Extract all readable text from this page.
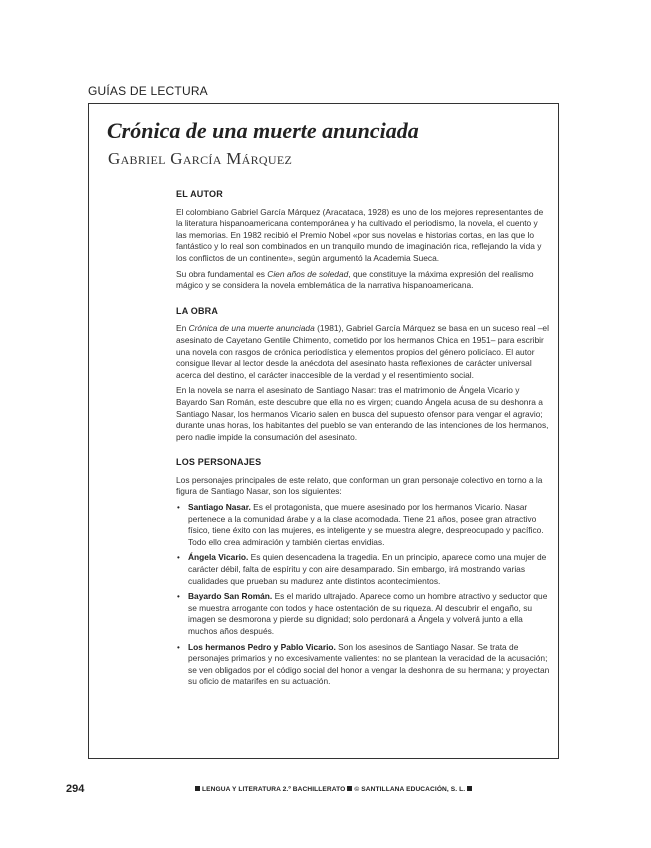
GUÍAS DE LECTURA
Crónica de una muerte anunciada
Gabriel García Márquez
EL AUTOR

El colombiano Gabriel García Márquez (Aracataca, 1928) es uno de los mejores representantes de la literatura hispanoamericana contemporánea y ha cultivado el periodismo, la novela, el cuento y las memorias. En 1982 recibió el Premio Nobel «por sus novelas e historias cortas, en las que lo fantástico y lo real son combinados en un tranquilo mundo de imaginación rica, reflejando la vida y los conflictos de un continente», según argumentó la Academia Sueca.

Su obra fundamental es Cien años de soledad, que constituye la máxima expresión del realismo mágico y se considera la novela emblemática de la narrativa hispanoamericana.

LA OBRA

En Crónica de una muerte anunciada (1981), Gabriel García Márquez se basa en un suceso real –el asesinato de Cayetano Gentile Chimento, cometido por los hermanos Chica en 1951– para escribir una novela con rasgos de crónica periodística y elementos propios del género policíaco. El autor consigue llevar al lector desde la anécdota del asesinato hasta reflexiones de carácter universal acerca del destino, el carácter inaccesible de la verdad y el resentimiento social.

En la novela se narra el asesinato de Santiago Nasar: tras el matrimonio de Ángela Vicario y Bayardo San Román, este descubre que ella no es virgen; cuando Ángela acusa de su deshonra a Santiago Nasar, los hermanos Vicario salen en busca del supuesto ofensor para vengar el agravio; durante unas horas, los habitantes del pueblo se van enterando de las intenciones de los hermanos, pero nadie impide la consumación del asesinato.

LOS PERSONAJES

Los personajes principales de este relato, que conforman un gran personaje colectivo en torno a la figura de Santiago Nasar, son los siguientes:

• Santiago Nasar. Es el protagonista, que muere asesinado por los hermanos Vicario. Nasar pertenece a la comunidad árabe y a la clase acomodada. Tiene 21 años, posee gran atractivo físico, tiene éxito con las mujeres, es inteligente y se muestra alegre, despreocupado y pacífico. Todo ello crea admiración y también ciertas envidias.
• Ángela Vicario. Es quien desencadena la tragedia. En un principio, aparece como una mujer de carácter débil, falta de espíritu y con aire desamparado. Sin embargo, irá mostrando varias cualidades que prueban su madurez ante distintos acontecimientos.
• Bayardo San Román. Es el marido ultrajado. Aparece como un hombre atractivo y seductor que se muestra arrogante con todos y hace ostentación de su riqueza. Al descubrir el engaño, su imagen se desmorona y pierde su dignidad; solo perdonará a Ángela y volverá junto a ella muchos años después.
• Los hermanos Pedro y Pablo Vicario. Son los asesinos de Santiago Nasar. Se trata de personajes primarios y no excesivamente valientes: no se plantean la veracidad de la acusación; se ven obligados por el código social del honor a vengar la deshonra de su hermana; y proyectan su oficio de matarifes en su actuación.
294	LENGUA Y LITERATURA 2.º BACHILLERATO © SANTILLANA EDUCACIÓN, S. L.
